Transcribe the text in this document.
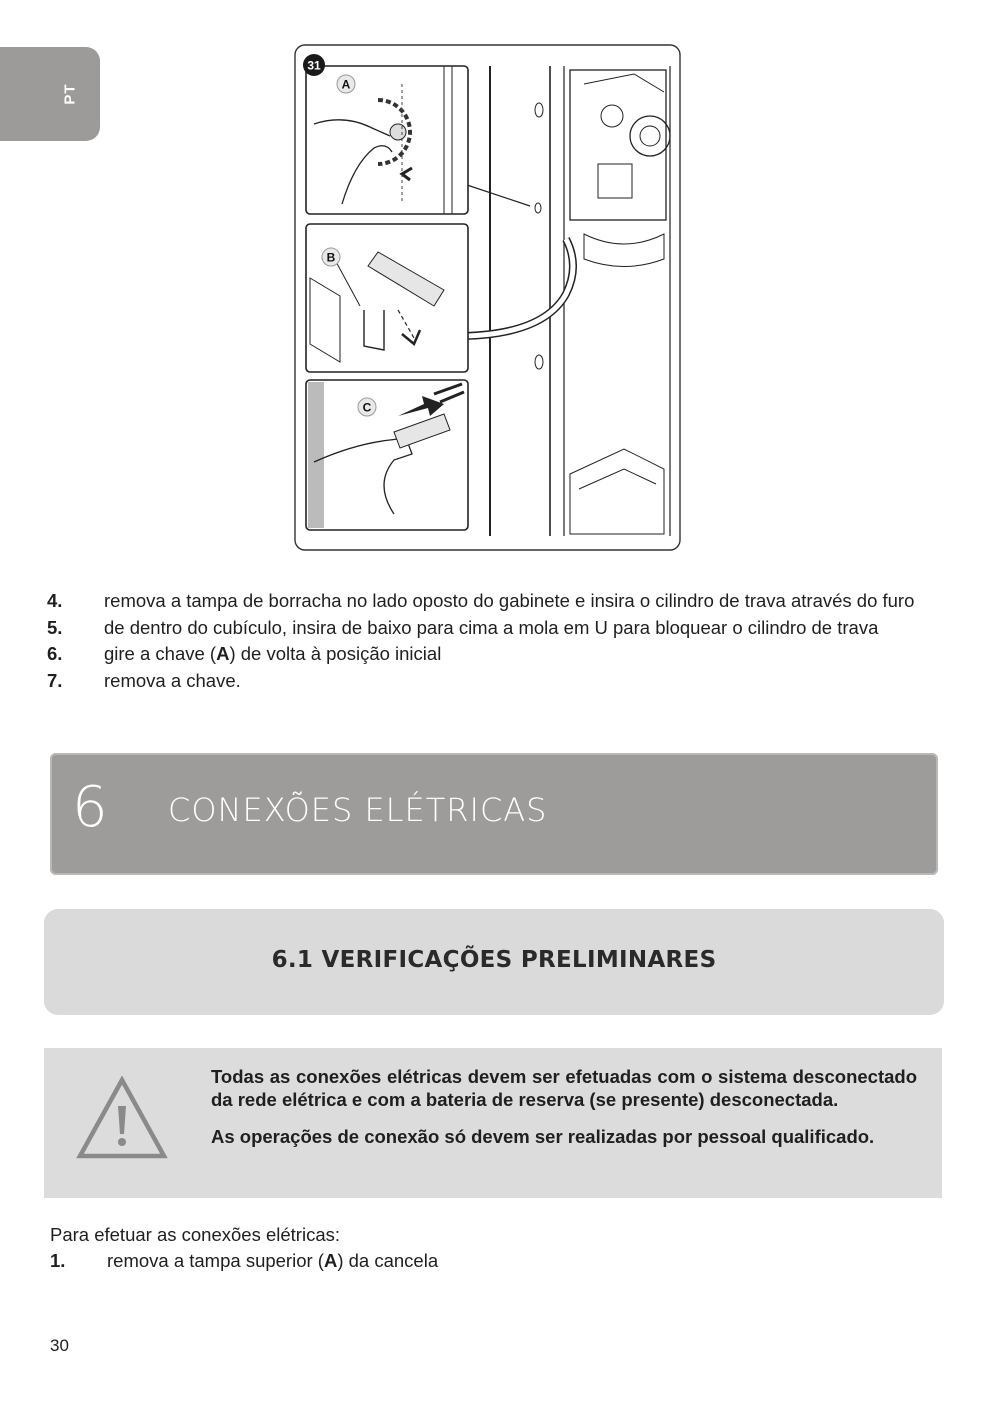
PT
31
A
B
C
4.	remova a tampa de borracha no lado oposto do gabinete e insira o cilindro de trava através do furo
5.	de dentro do cubículo, insira de baixo para cima a mola em U para bloquear o cilindro de trava
6.	gire a chave (A) de volta à posição inicial
7.	remova a chave.
6 CONEXÕES ELÉTRICAS
6.1 VERIFICAÇÕES PRELIMINARES

Todas as conexões elétricas devem ser efetuadas com o sistema desconectado da rede elétrica e com a bateria de reserva (se presente) desconectada.

As operações de conexão só devem ser realizadas por pessoal qualificado.

Para efetuar as conexões elétricas:
1.	remova a tampa superior (A) da cancela
30
